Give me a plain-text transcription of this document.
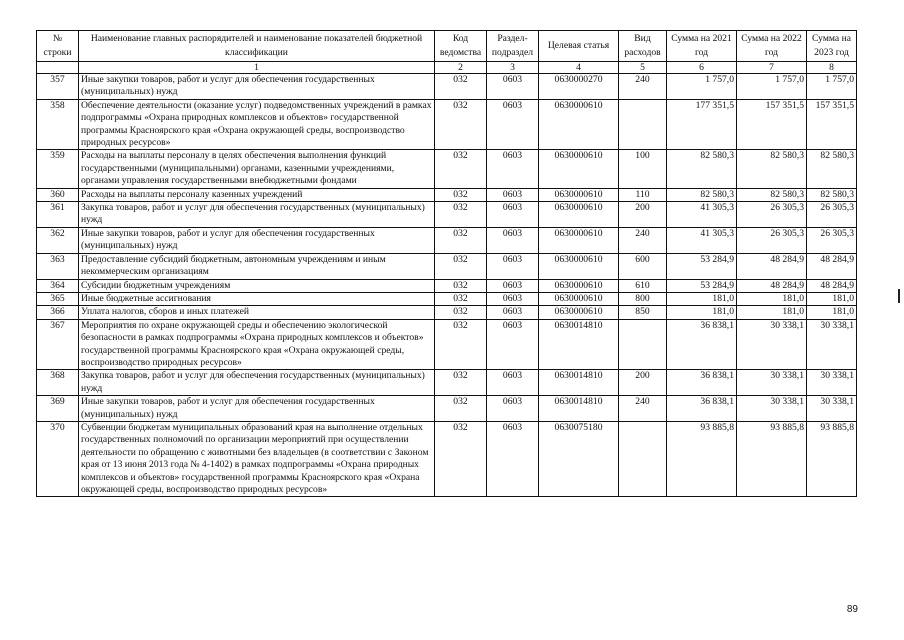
№ строки	Наименование главных распорядителей и наименование показателей бюджетной классификации	Код ведомства	Раздел-подраздел	Целевая статья	Вид расходов	Сумма на 2021 год	Сумма на 2022 год	Сумма на 2023 год
	1	2	3	4	5	6	7	8
357	Иные закупки товаров, работ и услуг для обеспечения государственных (муниципальных) нужд	032	0603	0630000270	240	1 757,0	1 757,0	1 757,0
358	Обеспечение деятельности (оказание услуг) подведомственных учреждений в рамках подпрограммы «Охрана природных комплексов и объектов» государственной программы Красноярского края «Охрана окружающей среды, воспроизводство природных ресурсов»	032	0603	0630000610		177 351,5	157 351,5	157 351,5
359	Расходы на выплаты персоналу в целях обеспечения выполнения функций государственными (муниципальными) органами, казенными учреждениями, органами управления государственными внебюджетными фондами	032	0603	0630000610	100	82 580,3	82 580,3	82 580,3
360	Расходы на выплаты персоналу казенных учреждений	032	0603	0630000610	110	82 580,3	82 580,3	82 580,3
361	Закупка товаров, работ и услуг для обеспечения государственных (муниципальных) нужд	032	0603	0630000610	200	41 305,3	26 305,3	26 305,3
362	Иные закупки товаров, работ и услуг для обеспечения государственных (муниципальных) нужд	032	0603	0630000610	240	41 305,3	26 305,3	26 305,3
363	Предоставление субсидий бюджетным, автономным учреждениям и иным некоммерческим организациям	032	0603	0630000610	600	53 284,9	48 284,9	48 284,9
364	Субсидии бюджетным учреждениям	032	0603	0630000610	610	53 284,9	48 284,9	48 284,9
365	Иные бюджетные ассигнования	032	0603	0630000610	800	181,0	181,0	181,0
366	Уплата налогов, сборов и иных платежей	032	0603	0630000610	850	181,0	181,0	181,0
367	Мероприятия по охране окружающей среды и обеспечению экологической безопасности в рамках подпрограммы «Охрана природных комплексов и объектов» государственной программы Красноярского края «Охрана окружающей среды, воспроизводство природных ресурсов»	032	0603	0630014810		36 838,1	30 338,1	30 338,1
368	Закупка товаров, работ и услуг для обеспечения государственных (муниципальных) нужд	032	0603	0630014810	200	36 838,1	30 338,1	30 338,1
369	Иные закупки товаров, работ и услуг для обеспечения государственных (муниципальных) нужд	032	0603	0630014810	240	36 838,1	30 338,1	30 338,1
370	Субвенции бюджетам муниципальных образований края на выполнение отдельных государственных полномочий по организации мероприятий при осуществлении деятельности по обращению с животными без владельцев (в соответствии с Законом края от 13 июня 2013 года № 4-1402) в рамках подпрограммы «Охрана природных комплексов и объектов» государственной программы Красноярского края «Охрана окружающей среды, воспроизводство природных ресурсов»	032	0603	0630075180		93 885,8	93 885,8	93 885,8
89
